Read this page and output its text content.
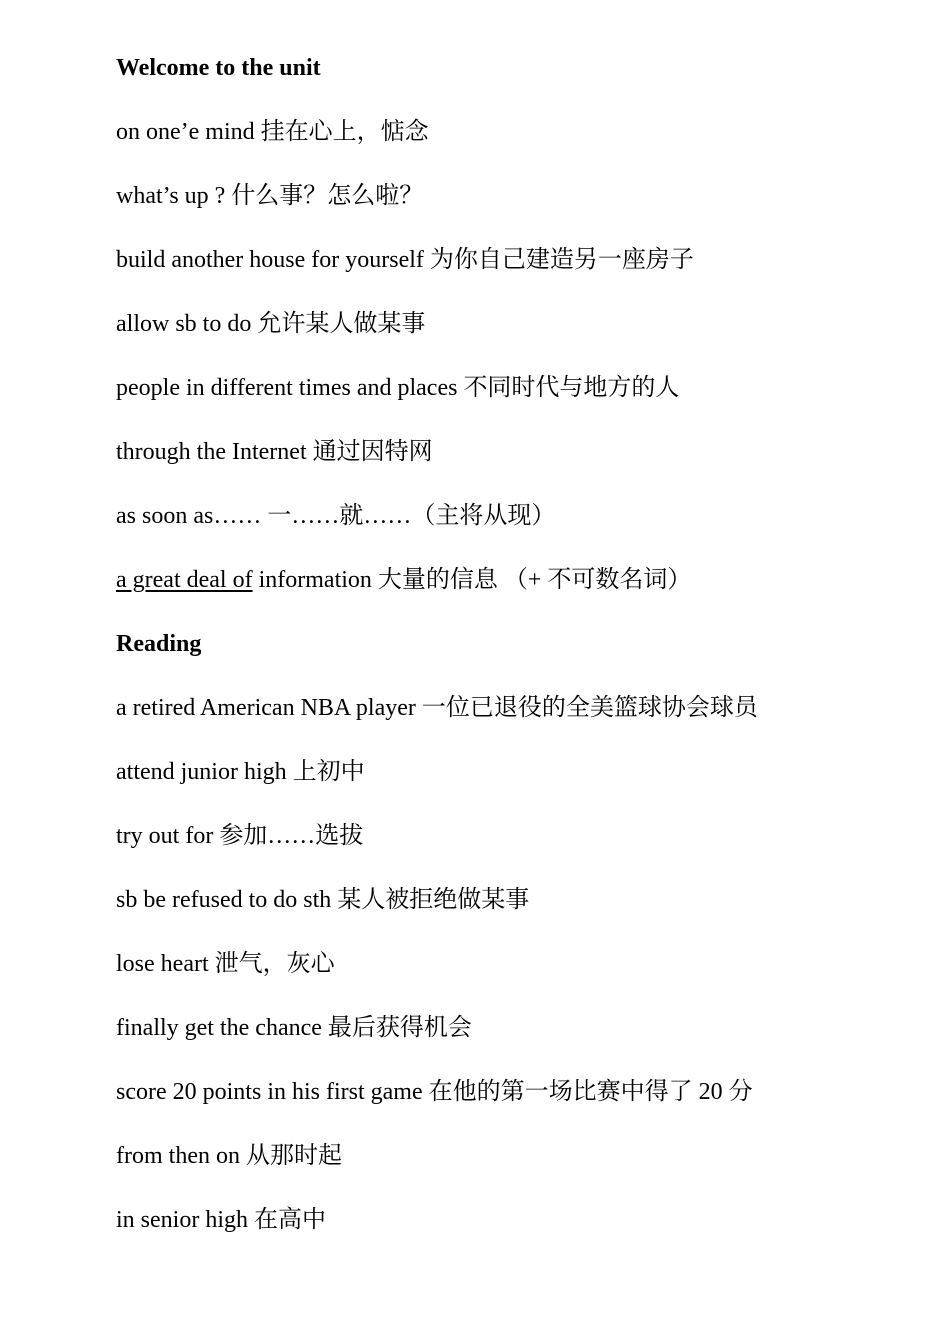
Welcome to the unit
on one’e mind 挂在心上，惦念
what’s up ? 什么事？怎么啦？
build another house for yourself 为你自己建造另一座房子
allow sb to do 允许某人做某事
people in different times and places 不同时代与地方的人
through the Internet 通过因特网
as soon as…… 一……就……（主将从现）
a great deal of information 大量的信息 （+ 不可数名词）
Reading
a retired American NBA player 一位已退役的全美篮球协会球员
attend junior high 上初中
try out for 参加……选拔
sb be refused to do sth 某人被拒绝做某事
lose heart 泄气，灰心
finally get the chance 最后获得机会
score 20 points in his first game 在他的第一场比赛中得了 20 分
from then on 从那时起
in senior high 在高中
